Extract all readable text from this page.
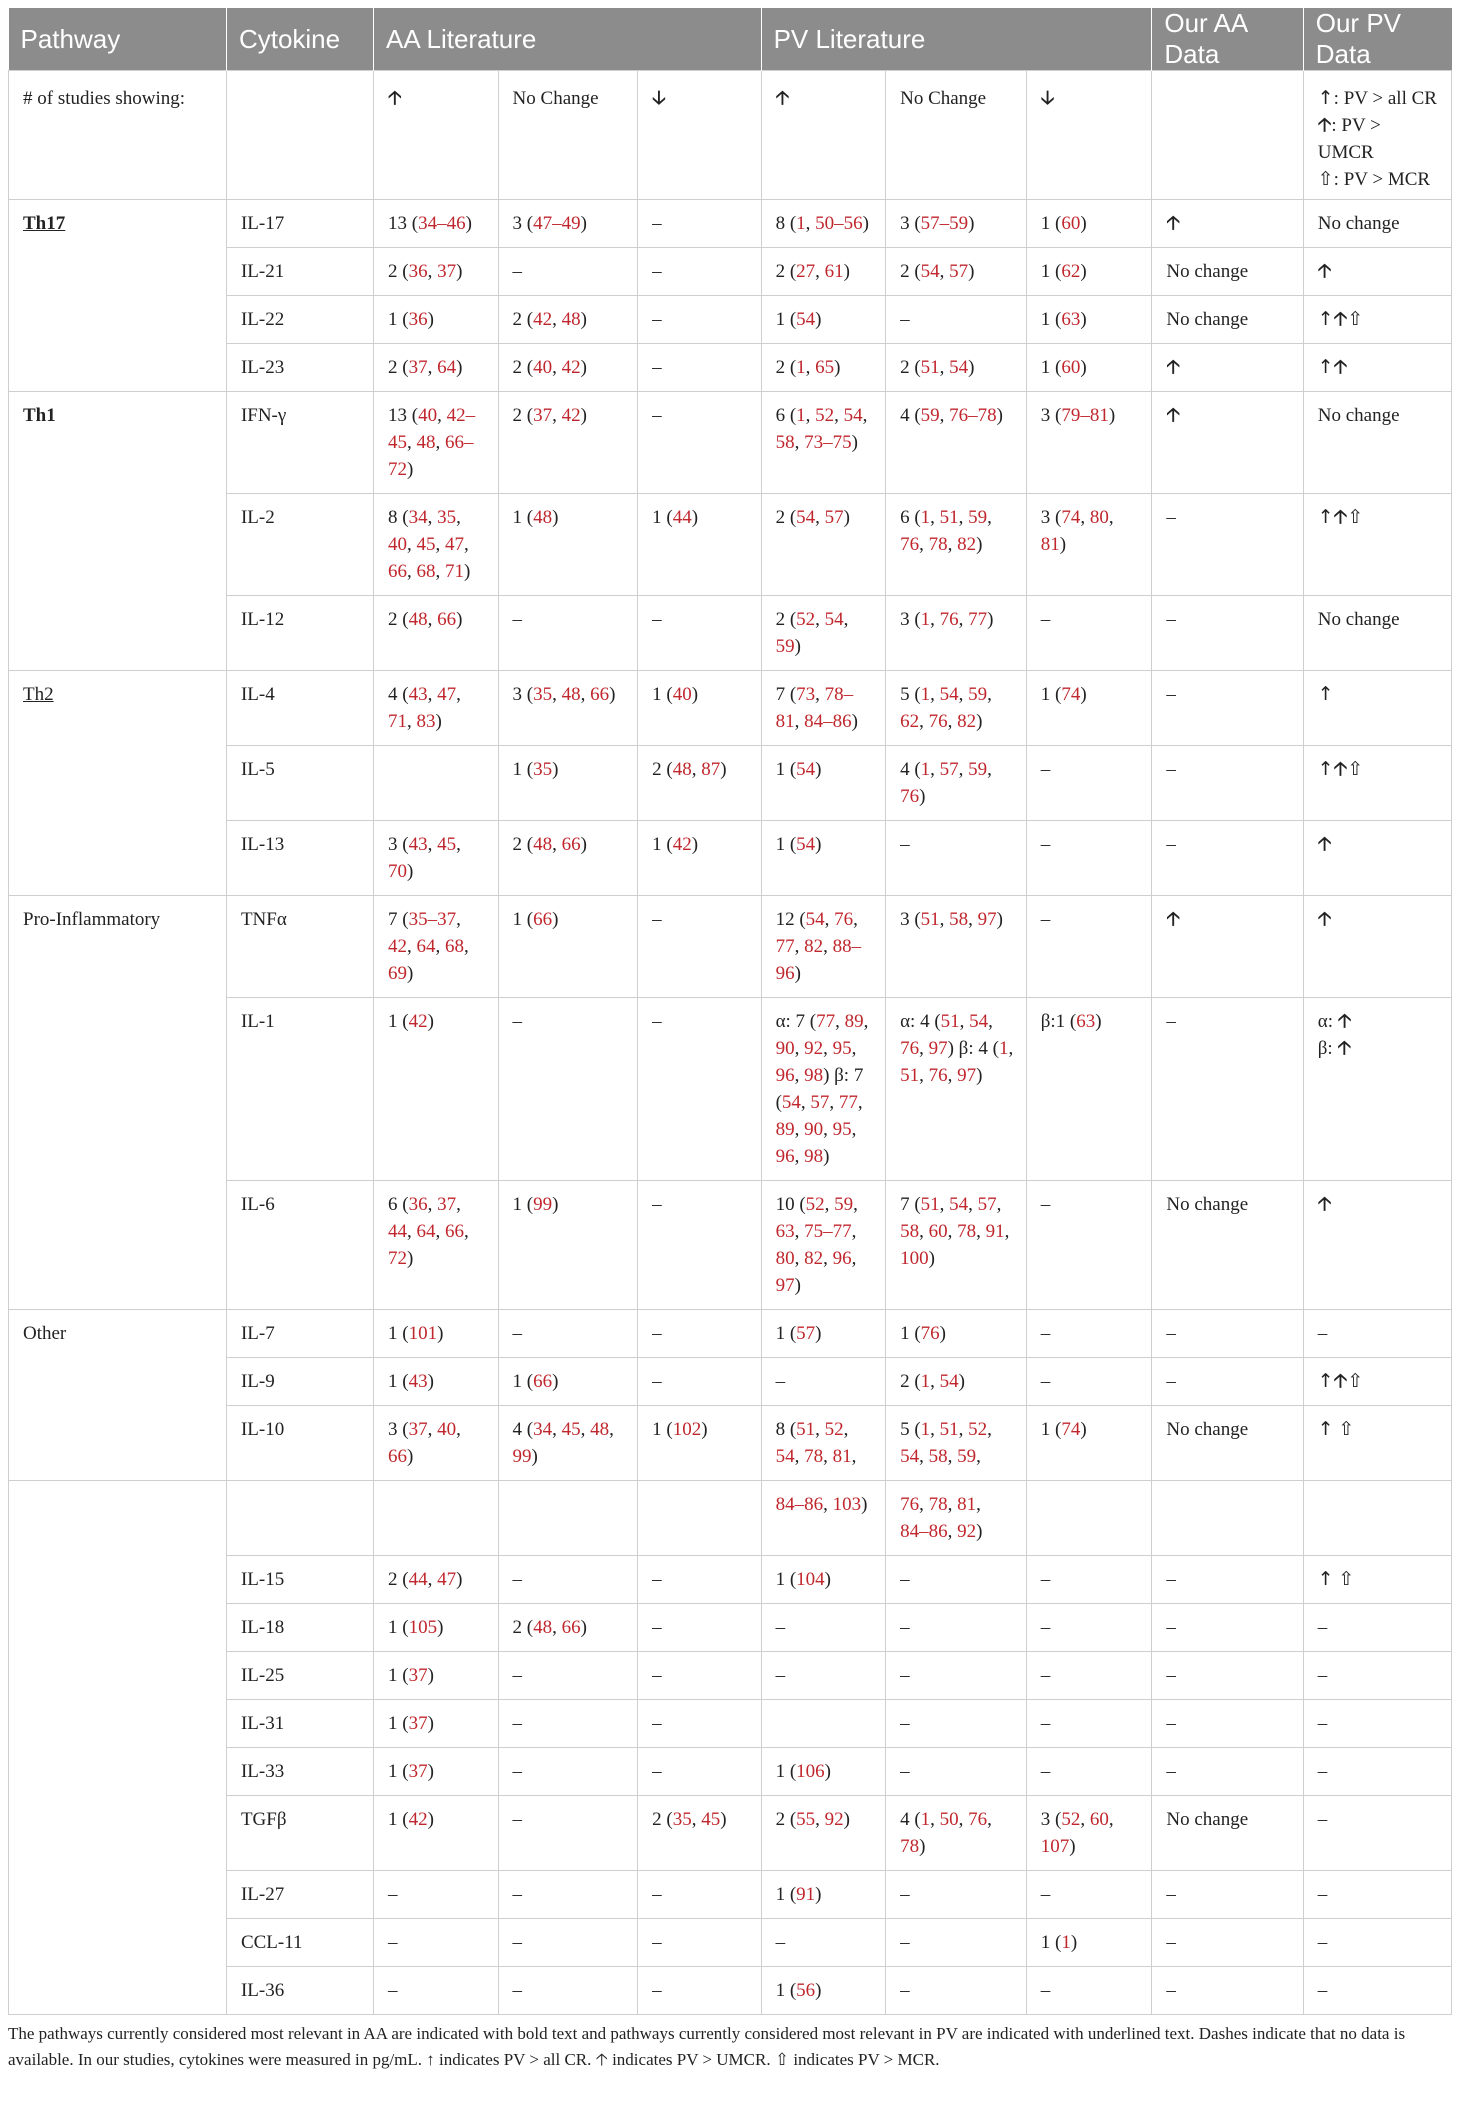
Pathway	Cytokine	AA Literature			PV Literature			Our AA Data	Our PV Data
# of studies showing:		🡡	No Change	🡣	🡡	No Change	🡣		↑: PV > all CR
🡡: PV > UMCR
⇧: PV > MCR

Th17	IL-17	13 (34–46)	3 (47–49)	–	8 (1, 50–56)	3 (57–59)	1 (60)	🡡	No change
	IL-21	2 (36, 37)	–	–	2 (27, 61)	2 (54, 57)	1 (62)	No change	🡡
	IL-22	1 (36)	2 (42, 48)	–	1 (54)	–	1 (63)	No change	↑🡡⇧
	IL-23	2 (37, 64)	2 (40, 42)	–	2 (1, 65)	2 (51, 54)	1 (60)	🡡	↑🡡
Th1	IFN-γ	13 (40, 42–45, 48, 66–72)	2 (37, 42)	–	6 (1, 52, 54, 58, 73–75)	4 (59, 76–78)	3 (79–81)	🡡	No change
	IL-2	8 (34, 35, 40, 45, 47, 66, 68, 71)	1 (48)	1 (44)	2 (54, 57)	6 (1, 51, 59, 76, 78, 82)	3 (74, 80, 81)	–	↑🡡⇧
	IL-12	2 (48, 66)	–	–	2 (52, 54, 59)	3 (1, 76, 77)	–	–	No change
Th2	IL-4	4 (43, 47, 71, 83)	3 (35, 48, 66)	1 (40)	7 (73, 78–81, 84–86)	5 (1, 54, 59, 62, 76, 82)	1 (74)	–	↑
	IL-5		1 (35)	2 (48, 87)	1 (54)	4 (1, 57, 59, 76)	–	–	↑🡡⇧
	IL-13	3 (43, 45, 70)	2 (48, 66)	1 (42)	1 (54)	–	–	–	🡡
Pro-Inflammatory	TNFα	7 (35–37, 42, 64, 68, 69)	1 (66)	–	12 (54, 76, 77, 82, 88–96)	3 (51, 58, 97)	–	🡡	🡡
	IL-1	1 (42)	–	–	α: 7 (77, 89, 90, 92, 95, 96, 98) β: 7 (54, 57, 77, 89, 90, 95, 96, 98)	α: 4 (51, 54, 76, 97) β: 4 (1, 51, 76, 97)	β:1 (63)	–	α: 🡡
β: 🡡
	IL-6	6 (36, 37, 44, 64, 66, 72)	1 (99)	–	10 (52, 59, 63, 75–77, 80, 82, 96, 97)	7 (51, 54, 57, 58, 60, 78, 91, 100)	–	No change	🡡
Other	IL-7	1 (101)	–	–	1 (57)	1 (76)	–	–	–
	IL-9	1 (43)	1 (66)	–	–	2 (1, 54)	–	–	↑🡡⇧
	IL-10	3 (37, 40, 66)	4 (34, 45, 48, 99)	1 (102)	8 (51, 52, 54, 78, 81,	5 (1, 51, 52, 54, 58, 59,	1 (74)	No change	↑ ⇧
					84–86, 103)	76, 78, 81, 84–86, 92)			
	IL-15	2 (44, 47)	–	–	1 (104)	–	–	–	↑ ⇧
	IL-18	1 (105)	2 (48, 66)	–	–	–	–	–	–
	IL-25	1 (37)	–	–	–	–	–	–	–
	IL-31	1 (37)	–	–		–	–	–	–
	IL-33	1 (37)	–	–	1 (106)	–	–	–	–
	TGFβ	1 (42)	–	2 (35, 45)	2 (55, 92)	4 (1, 50, 76, 78)	3 (52, 60, 107)	No change	–
	IL-27	–	–	–	1 (91)	–	–	–	–
	CCL-11	–	–	–	–	–	1 (1)	–	–
	IL-36	–	–	–	1 (56)	–	–	–	–
The pathways currently considered most relevant in AA are indicated with bold text and pathways currently considered most relevant in PV are indicated with underlined text. Dashes indicate that no data is available. In our studies, cytokines were measured in pg/mL. ↑ indicates PV > all CR. 🡡 indicates PV > UMCR. ⇧ indicates PV > MCR.
